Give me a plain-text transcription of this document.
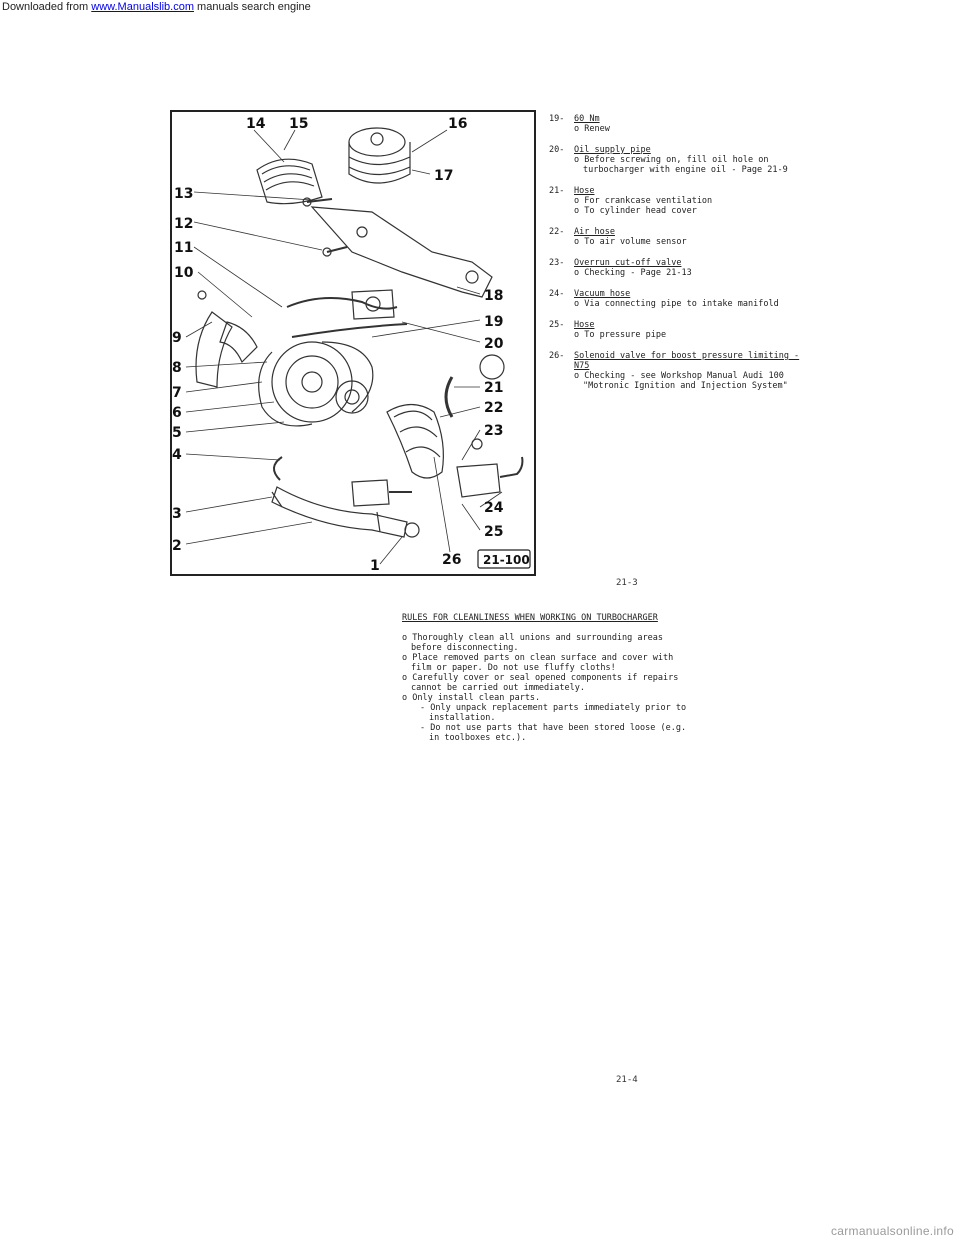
Downloaded from www.Manualslib.com manuals search engine
14 15	16
17
13
12
11
10
18
19
20
9
8
7
6
5
4
21
22
23
3	24
25
2
1	26 21-100
19- 60 Nm
o Renew
20- Oil supply pipe
o Before screwing on, fill oil hole on turbocharger with engine oil - Page 21-9
21- Hose
o For crankcase ventilation
o To cylinder head cover
22- Air hose
o To air volume sensor
23- Overrun cut-off valve
o Checking - Page 21-13
24- Vacuum hose
o Via connecting pipe to intake manifold
25- Hose
o To pressure pipe
26- Solenoid valve for boost pressure limiting -N75
o Checking - see Workshop Manual Audi 100 "Motronic Ignition and Injection System"
21-3
RULES FOR CLEANLINESS WHEN WORKING ON TURBOCHARGER
o Thoroughly clean all unions and surrounding areas before disconnecting.
o Place removed parts on clean surface and cover with film or paper. Do not use fluffy cloths!
o Carefully cover or seal opened components if repairs cannot be carried out immediately.
o Only install clean parts.
- Only unpack replacement parts immediately prior to installation.
- Do not use parts that have been stored loose (e.g. in toolboxes etc.).
21-4
carmanualsonline.info
